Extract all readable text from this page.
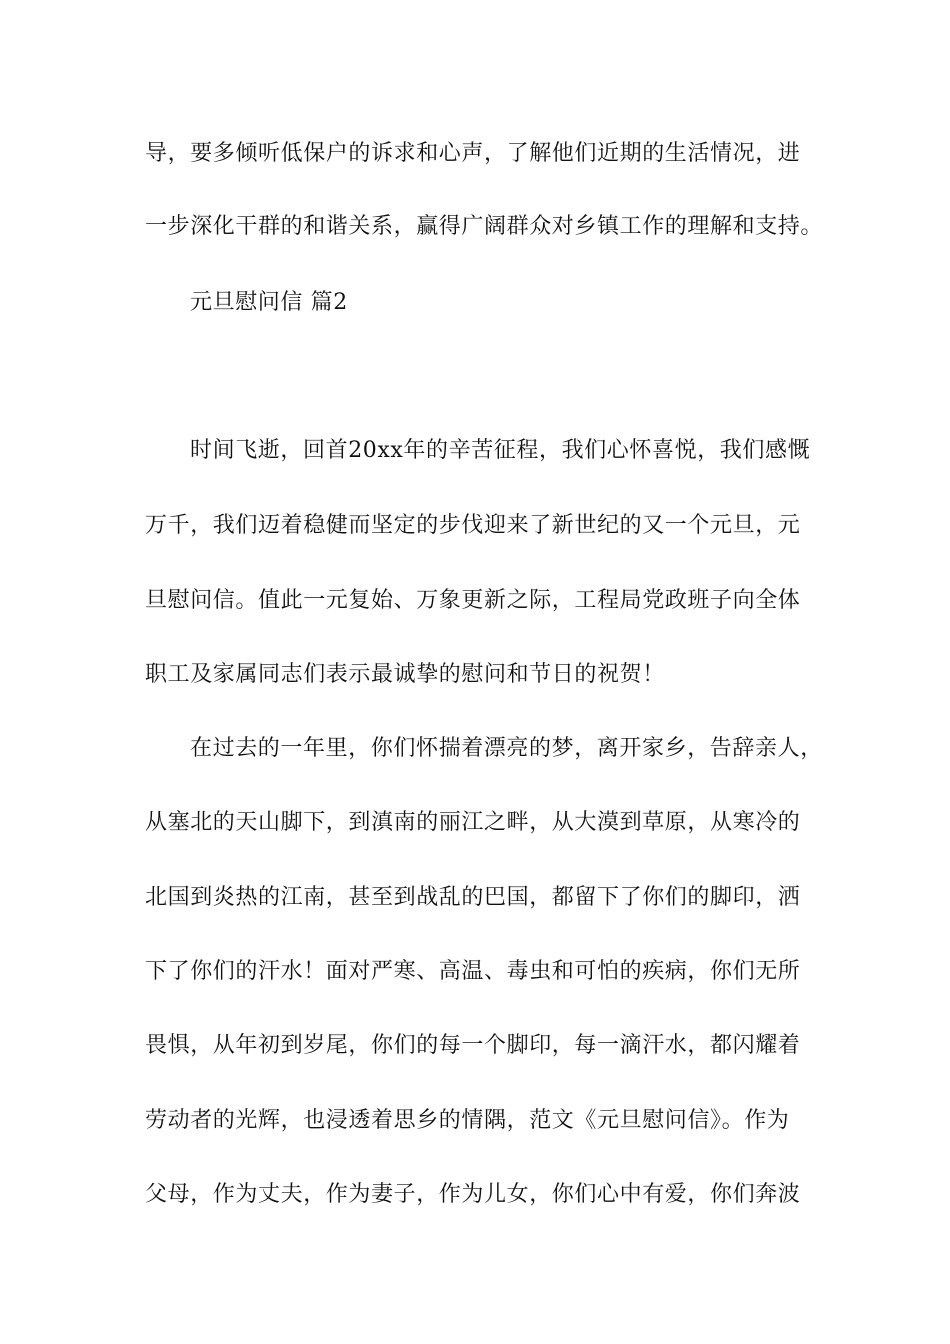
导，要多倾听低保户的诉求和心声，了解他们近期的生活情况，进
一步深化干群的和谐关系，赢得广阔群众对乡镇工作的理解和支持。
元旦慰问信 篇2
时间飞逝，回首20xx年的辛苦征程，我们心怀喜悦，我们感慨
万千，我们迈着稳健而坚定的步伐迎来了新世纪的又一个元旦，元
旦慰问信。值此一元复始、万象更新之际，工程局党政班子向全体
职工及家属同志们表示最诚挚的慰问和节日的祝贺！
在过去的一年里，你们怀揣着漂亮的梦，离开家乡，告辞亲人，
从塞北的天山脚下，到滇南的丽江之畔，从大漠到草原，从寒冷的
北国到炎热的江南，甚至到战乱的巴国，都留下了你们的脚印，洒
下了你们的汗水！面对严寒、高温、毒虫和可怕的疾病，你们无所
畏惧，从年初到岁尾，你们的每一个脚印，每一滴汗水，都闪耀着
劳动者的光辉，也浸透着思乡的情隅，范文《元旦慰问信》。作为
父母，作为丈夫，作为妻子，作为儿女，你们心中有爱，你们奔波
